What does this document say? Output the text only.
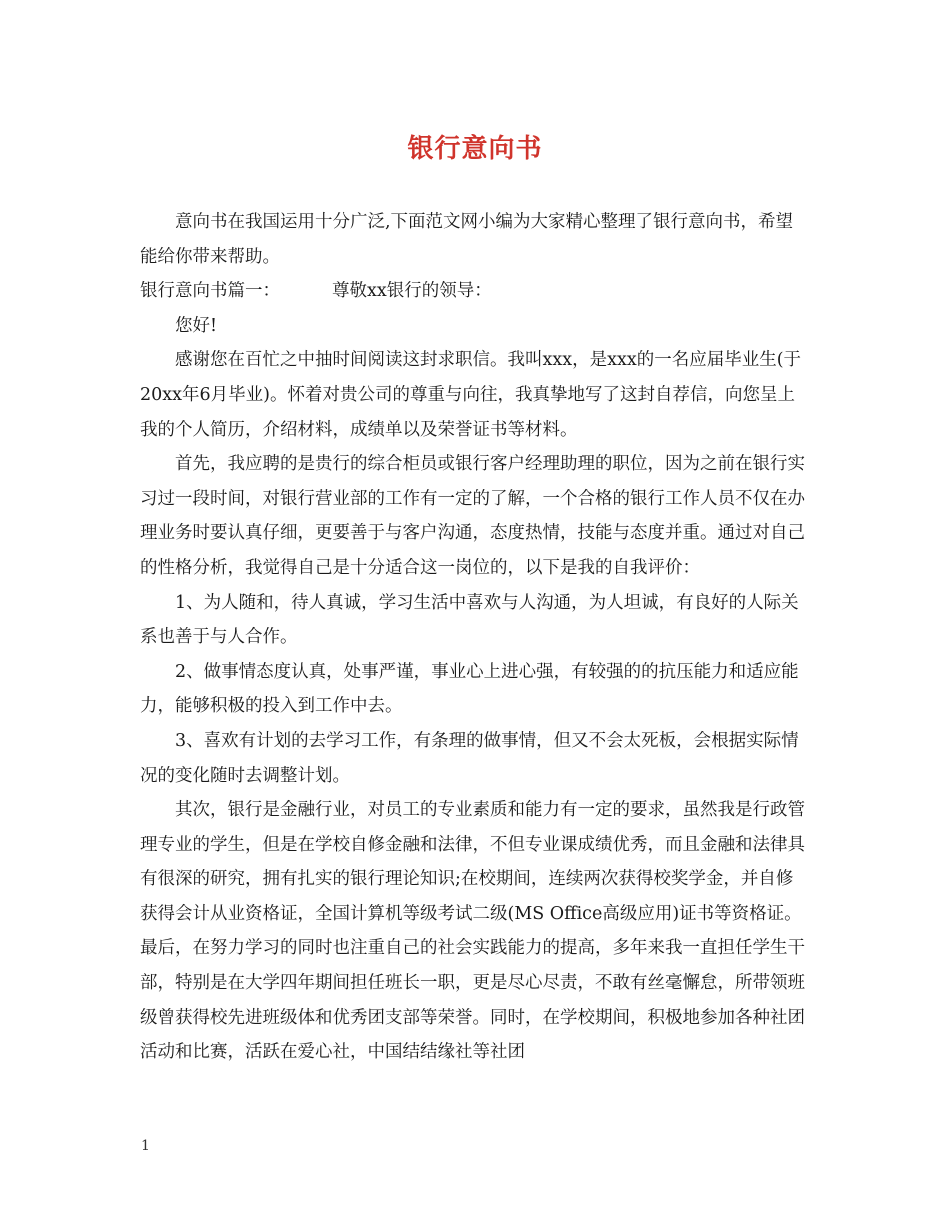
银行意向书

意向书在我国运用十分广泛,下面范文网小编为大家精心整理了银行意向书，希望能给你带来帮助。

银行意向书篇一：	尊敬xx银行的领导：

您好!

感谢您在百忙之中抽时间阅读这封求职信。我叫xxx，是xxx的一名应届毕业生(于20xx年6月毕业)。怀着对贵公司的尊重与向往，我真挚地写了这封自荐信，向您呈上我的个人简历，介绍材料，成绩单以及荣誉证书等材料。

首先，我应聘的是贵行的综合柜员或银行客户经理助理的职位，因为之前在银行实习过一段时间，对银行营业部的工作有一定的了解，一个合格的银行工作人员不仅在办理业务时要认真仔细，更要善于与客户沟通，态度热情，技能与态度并重。通过对自己的性格分析，我觉得自己是十分适合这一岗位的，以下是我的自我评价：

1、为人随和，待人真诚，学习生活中喜欢与人沟通，为人坦诚，有良好的人际关系也善于与人合作。

2、做事情态度认真，处事严谨，事业心上进心强，有较强的的抗压能力和适应能力，能够积极的投入到工作中去。

3、喜欢有计划的去学习工作，有条理的做事情，但又不会太死板，会根据实际情况的变化随时去调整计划。

其次，银行是金融行业，对员工的专业素质和能力有一定的要求，虽然我是行政管理专业的学生，但是在学校自修金融和法律，不但专业课成绩优秀，而且金融和法律具有很深的研究，拥有扎实的银行理论知识;在校期间，连续两次获得校奖学金，并自修获得会计从业资格证，全国计算机等级考试二级(MS Office高级应用)证书等资格证。 最后，在努力学习的同时也注重自己的社会实践能力的提高，多年来我一直担任学生干部，特别是在大学四年期间担任班长一职，更是尽心尽责，不敢有丝毫懈怠，所带领班级曾获得校先进班级体和优秀团支部等荣誉。同时，在学校期间，积极地参加各种社团活动和比赛，活跃在爱心社，中国结结缘社等社团

1
